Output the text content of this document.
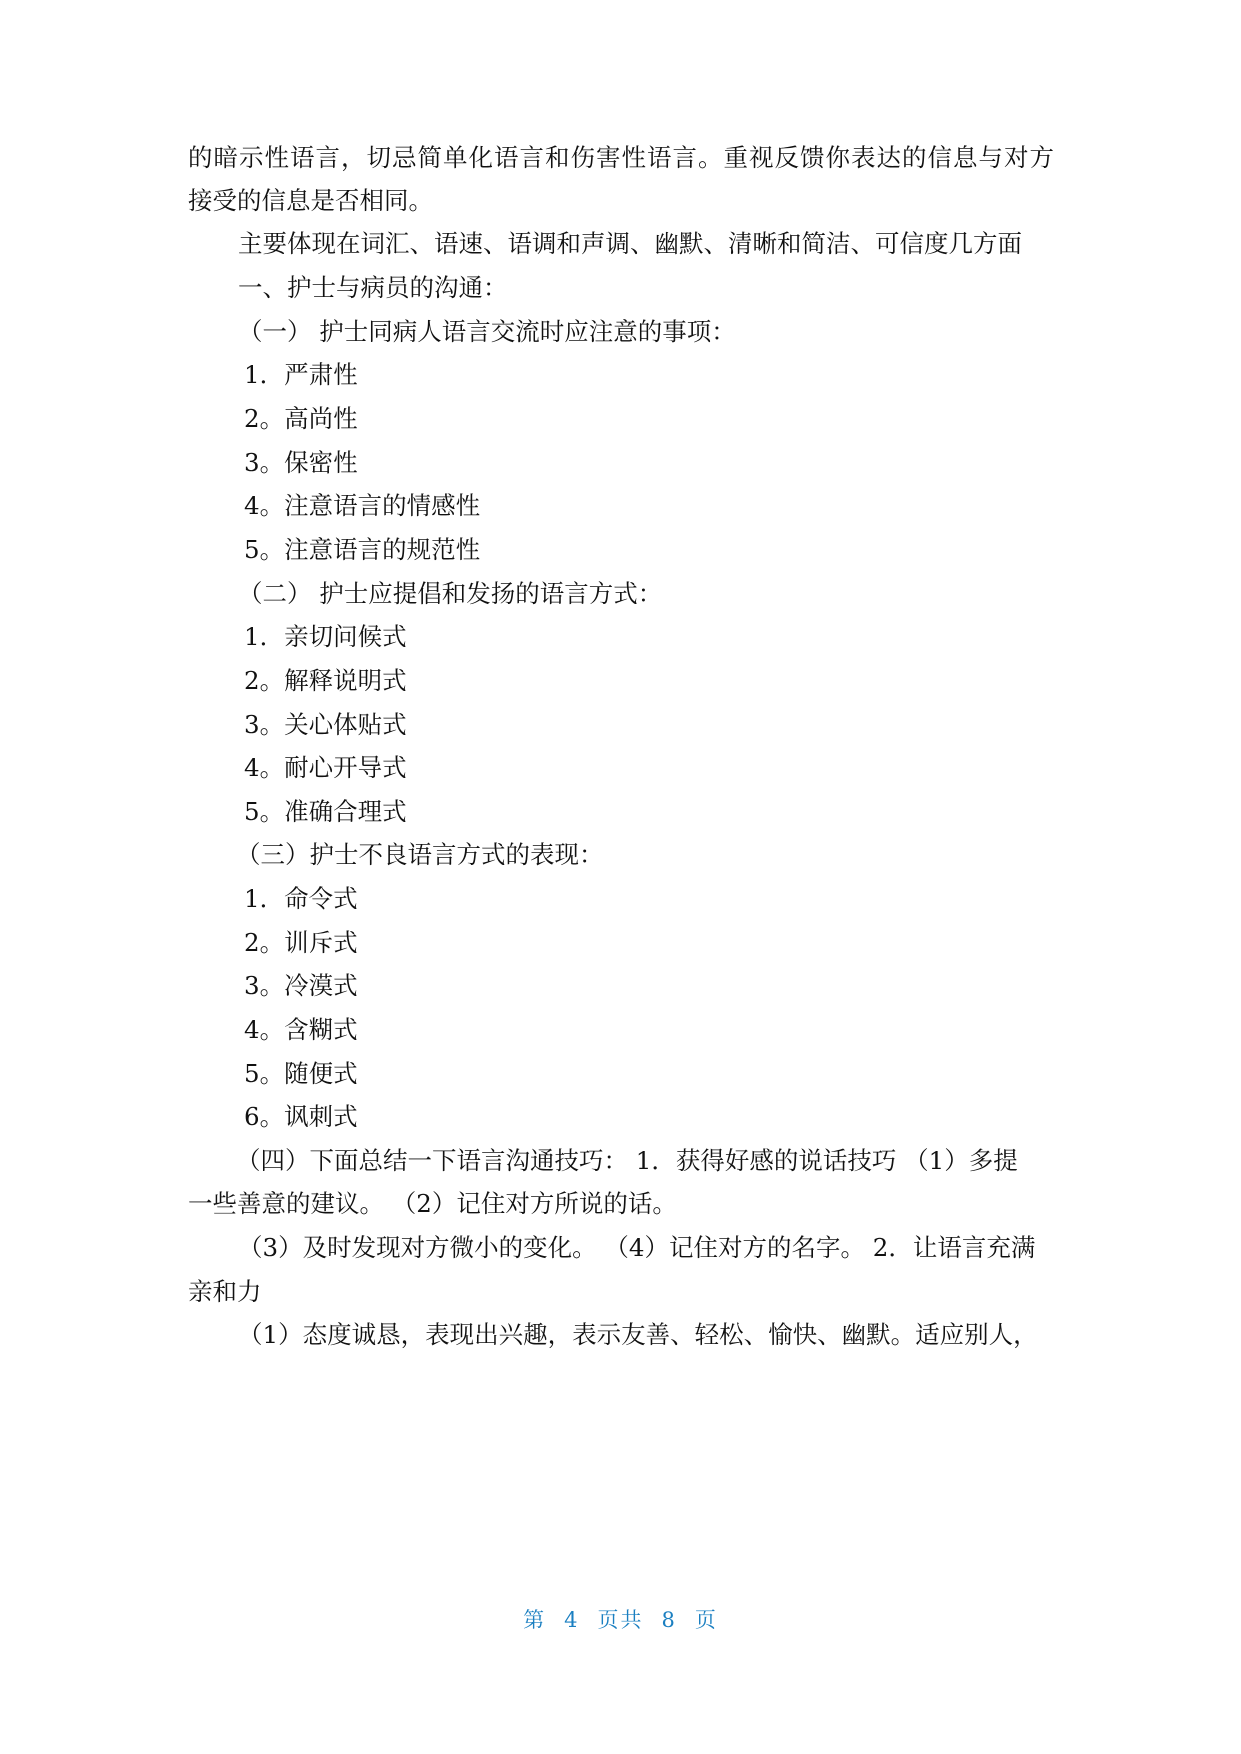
的暗示性语言，切忌简单化语言和伤害性语言。重视反馈你表达的信息与对方
接受的信息是否相同。
主要体现在词汇、语速、语调和声调、幽默、清晰和简洁、可信度几方面
一、护士与病员的沟通：
（一） 护士同病人语言交流时应注意的事项：
1．严肃性
2。高尚性
3。保密性
4。注意语言的情感性
5。注意语言的规范性
（二） 护士应提倡和发扬的语言方式：
1．亲切问候式
2。解释说明式
3。关心体贴式
4。耐心开导式
5。准确合理式
（三）护士不良语言方式的表现：
1．命令式
2。训斥式
3。冷漠式
4。含糊式
5。随便式
6。讽刺式
（四）下面总结一下语言沟通技巧： 1．获得好感的说话技巧 （1）多提
一些善意的建议。 （2）记住对方所说的话。
（3）及时发现对方微小的变化。 （4）记住对方的名字。 2．让语言充满
亲和力
（1）态度诚恳，表现出兴趣，表示友善、轻松、愉快、幽默。适应别人，
第 4 页共 8 页
